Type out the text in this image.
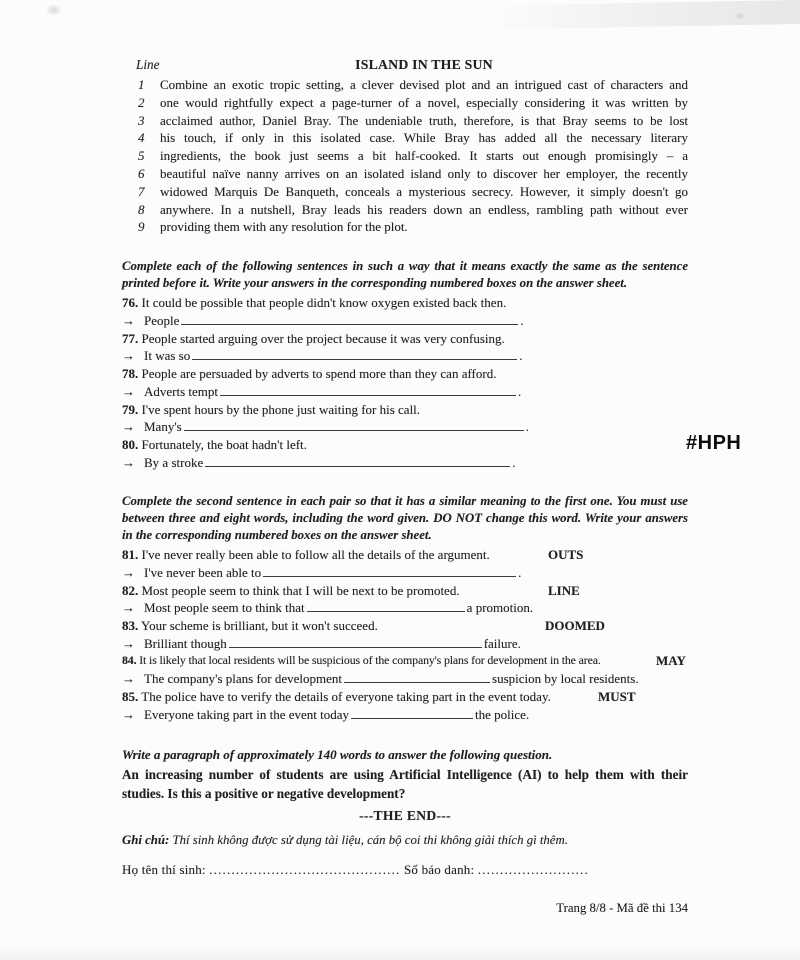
Line	ISLAND IN THE SUN
1	Combine an exotic tropic setting, a clever devised plot and an intrigued cast of characters and
2	one would rightfully expect a page-turner of a novel, especially considering it was written by
3	acclaimed author, Daniel Bray. The undeniable truth, therefore, is that Bray seems to be lost
4	his touch, if only in this isolated case. While Bray has added all the necessary literary
5	ingredients, the book just seems a bit half-cooked. It starts out enough promisingly – a
6	beautiful naïve nanny arrives on an isolated island only to discover her employer, the recently
7	widowed Marquis De Banqueth, conceals a mysterious secrecy. However, it simply doesn't go
8	anywhere. In a nutshell, Bray leads his readers down an endless, rambling path without ever
9	providing them with any resolution for the plot.
Complete each of the following sentences in such a way that it means exactly the same as the sentence printed before it. Write your answers in the corresponding numbered boxes on the answer sheet.
76. It could be possible that people didn't know oxygen existed back then.
→ People	.
77. People started arguing over the project because it was very confusing.
→ It was so	.
78. People are persuaded by adverts to spend more than they can afford.
→ Adverts tempt	.
79. I've spent hours by the phone just waiting for his call.
→ Many's	.
80. Fortunately, the boat hadn't left.
→ By a stroke	.
Complete the second sentence in each pair so that it has a similar meaning to the first one. You must use between three and eight words, including the word given. DO NOT change this word. Write your answers in the corresponding numbered boxes on the answer sheet.
81. I've never really been able to follow all the details of the argument.	OUTS
→ I've never been able to	.
82. Most people seem to think that I will be next to be promoted.	LINE
→ Most people seem to think that	a promotion.
83. Your scheme is brilliant, but it won't succeed.	DOOMED
→ Brilliant though	failure.
84. It is likely that local residents will be suspicious of the company's plans for development in the area.	MAY
→ The company's plans for development	suspicion by local residents.
85. The police have to verify the details of everyone taking part in the event today.	MUST
→ Everyone taking part in the event today	the police.
Write a paragraph of approximately 140 words to answer the following question.
An increasing number of students are using Artificial Intelligence (AI) to help them with their studies. Is this a positive or negative development?
---THE END---
Ghi chú: Thí sinh không được sử dụng tài liệu, cán bộ coi thi không giải thích gì thêm.
Họ tên thí sinh: ........................................... Số báo danh: .........................
Trang 8/8 - Mã đề thi 134
#HPH
